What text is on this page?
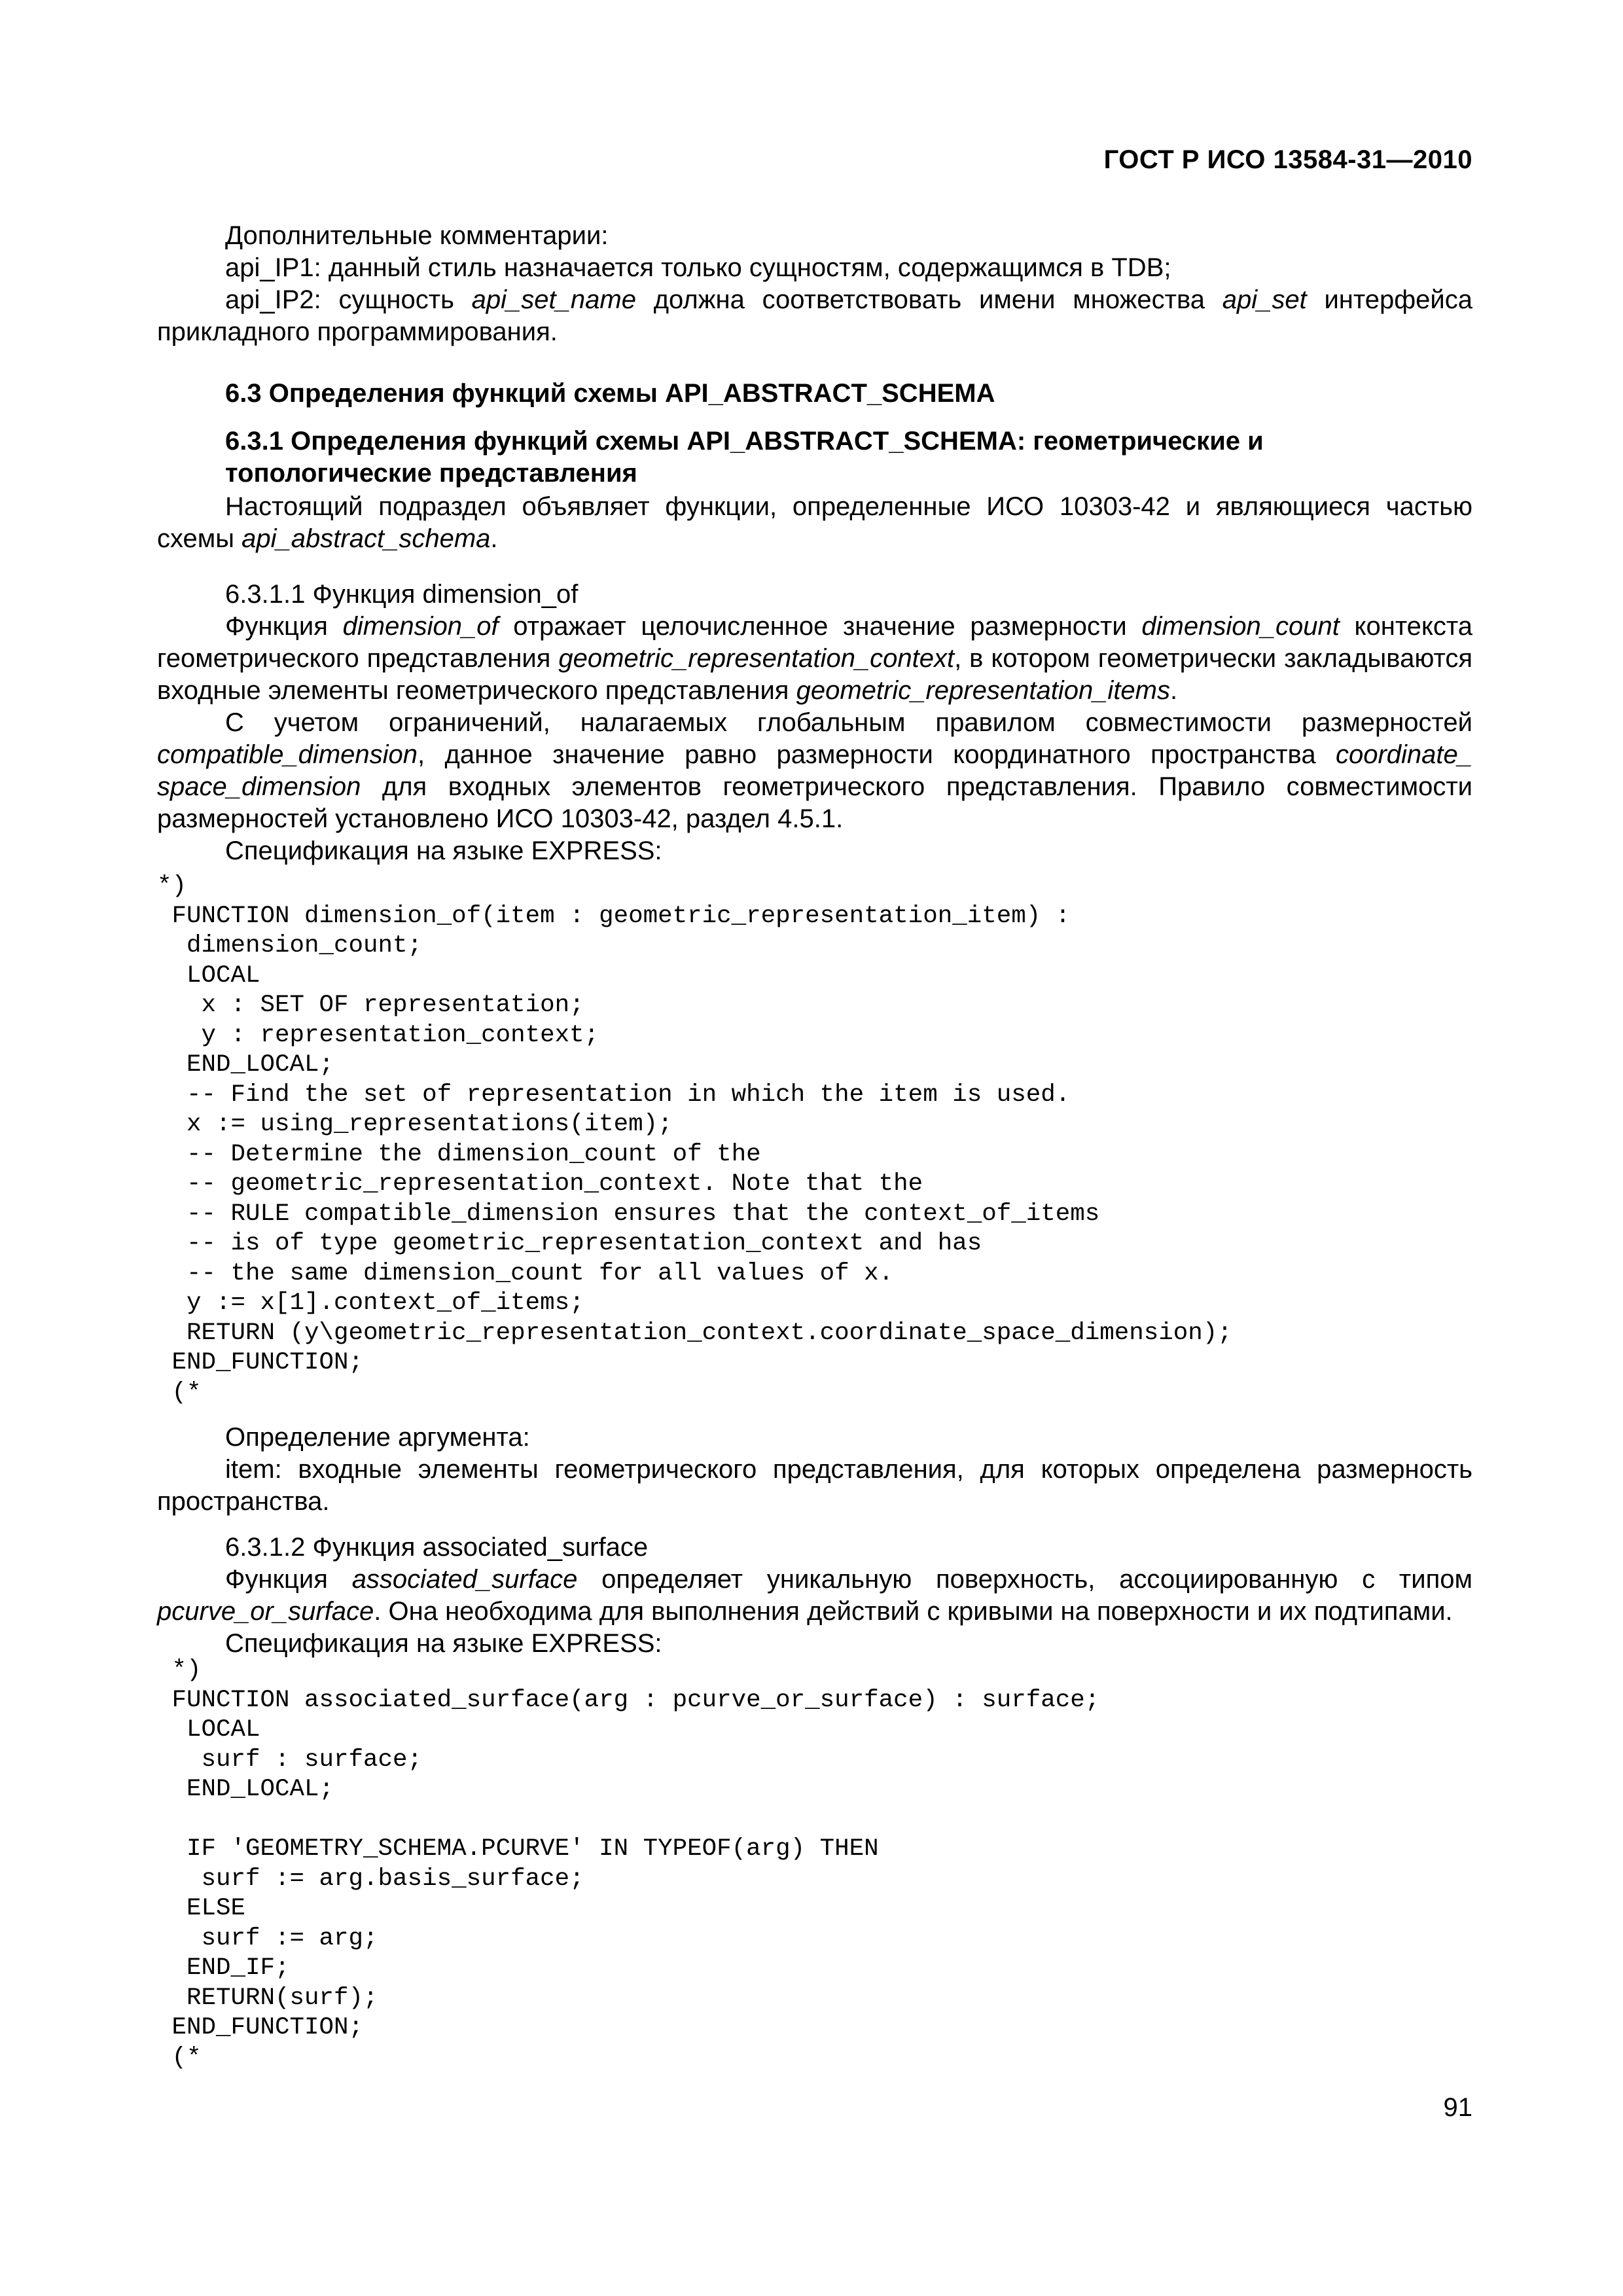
ГОСТ Р ИСО 13584-31—2010

Дополнительные комментарии:

api_IP1: данный стиль назначается только сущностям, содержащимся в TDB;

api_IP2: сущность api_set_name должна соответствовать имени множества api_set интерфейса прикладного программирования.

6.3 Определения функций схемы API_ABSTRACT_SCHEMA

6.3.1 Определения функций схемы API_ABSTRACT_SCHEMA: геометрические и

топологические представления

Настоящий подраздел объявляет функции, определенные ИСО 10303-42 и являющиеся частью схемы api_abstract_schema.

6.3.1.1 Функция dimension_of

Функция dimension_of отражает целочисленное значение размерности dimension_count контекста геометрического представления geometric_representation_context, в котором геометрически закладываются входные элементы геометрического представления geometric_representation_items.

С учетом ограничений, налагаемых глобальным правилом совместимости размерностей compatible_dimension, данное значение равно размерности координатного пространства coordinate_ space_dimension для входных элементов геометрического представления. Правило совместимости размерностей установлено ИСО 10303-42, раздел 4.5.1.

Спецификация на языке EXPRESS:

*)
FUNCTION dimension_of(item : geometric_representation_item) :
dimension_count;
LOCAL
x : SET OF representation;
y : representation_context;
END_LOCAL;
-- Find the set of representation in which the item is used.
x := using_representations(item);
-- Determine the dimension_count of the
-- geometric_representation_context. Note that the
-- RULE compatible_dimension ensures that the context_of_items
-- is of type geometric_representation_context and has
-- the same dimension_count for all values of x.
y := x[1].context_of_items;
RETURN (y\geometric_representation_context.coordinate_space_dimension);
END_FUNCTION;
(*

Определение аргумента:

item: входные элементы геометрического представления, для которых определена размерность пространства.

6.3.1.2 Функция associated_surface

Функция associated_surface определяет уникальную поверхность, ассоциированную с типом pcurve_or_surface. Она необходима для выполнения действий с кривыми на поверхности и их подтипами.

Спецификация на языке EXPRESS:

*)
FUNCTION associated_surface(arg : pcurve_or_surface) : surface;
LOCAL
surf : surface;
END_LOCAL;

IF 'GEOMETRY_SCHEMA.PCURVE' IN TYPEOF(arg) THEN
surf := arg.basis_surface;
ELSE
surf := arg;
END_IF;
RETURN(surf);
END_FUNCTION;
(*
91
